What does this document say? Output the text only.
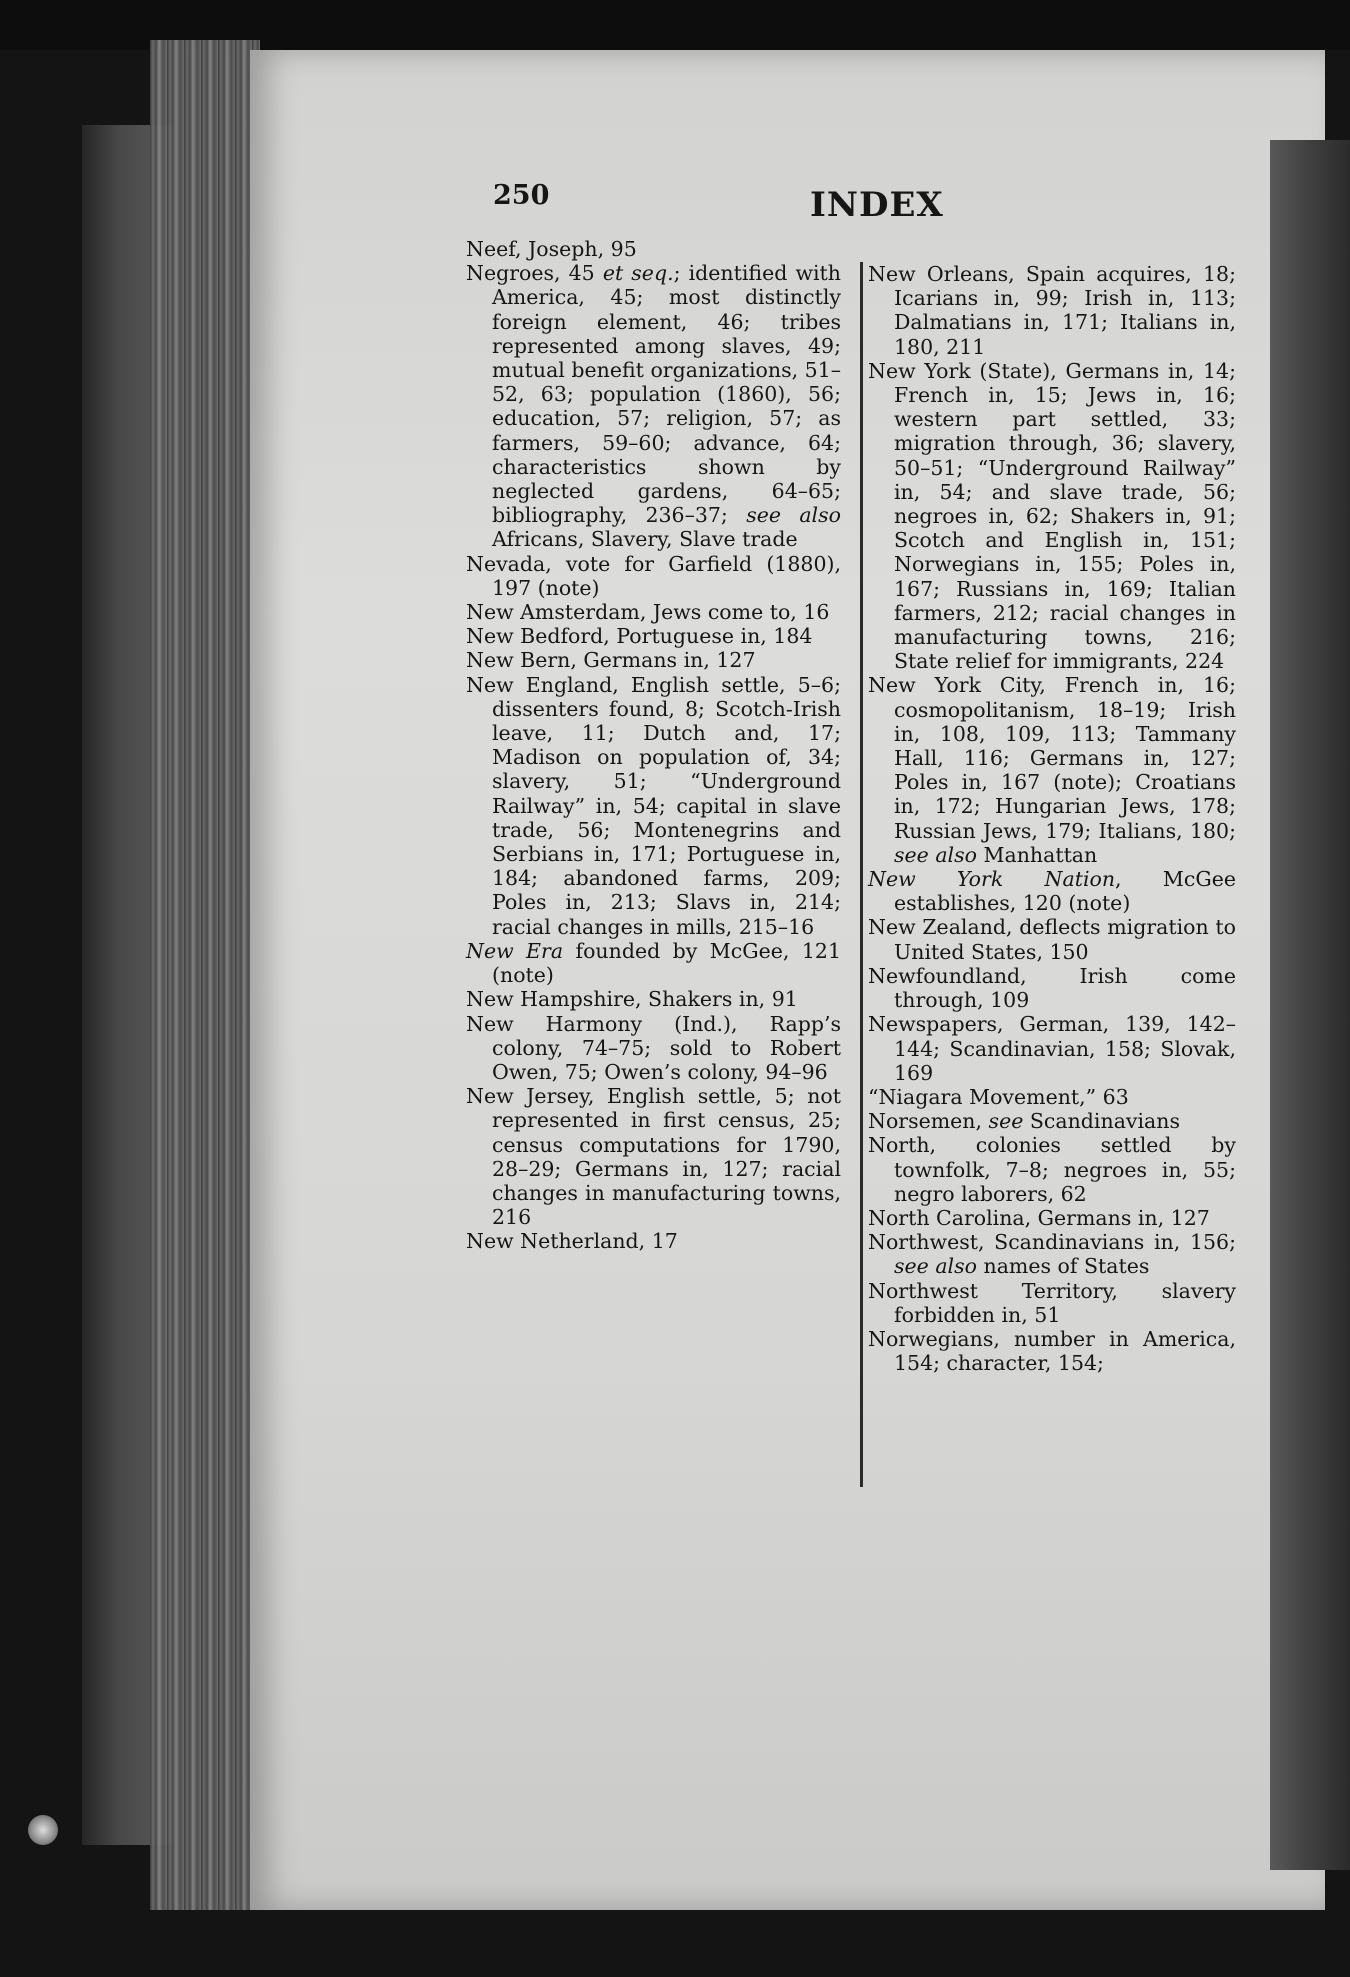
250	INDEX
Neef, Joseph, 95
Negroes, 45 et seq.; identified with America, 45; most distinctly foreign element, 46; tribes represented among slaves, 49; mutual benefit organizations, 51–52, 63; population (1860), 56; education, 57; religion, 57; as farmers, 59–60; advance, 64; characteristics shown by neglected gardens, 64–65; bibliography, 236–37; see also Africans, Slavery, Slave trade
Nevada, vote for Garfield (1880), 197 (note)
New Amsterdam, Jews come to, 16
New Bedford, Portuguese in, 184
New Bern, Germans in, 127
New England, English settle, 5–6; dissenters found, 8; Scotch-Irish leave, 11; Dutch and, 17; Madison on population of, 34; slavery, 51; “Underground Railway” in, 54; capital in slave trade, 56; Montenegrins and Serbians in, 171; Portuguese in, 184; abandoned farms, 209; Poles in, 213; Slavs in, 214; racial changes in mills, 215–16
New Era founded by McGee, 121 (note)
New Hampshire, Shakers in, 91
New Harmony (Ind.), Rapp’s colony, 74–75; sold to Robert Owen, 75; Owen’s colony, 94–96
New Jersey, English settle, 5; not represented in first census, 25; census computations for 1790, 28–29; Germans in, 127; racial changes in manufacturing towns, 216
New Netherland, 17
New Orleans, Spain acquires, 18; Icarians in, 99; Irish in, 113; Dalmatians in, 171; Italians in, 180, 211
New York (State), Germans in, 14; French in, 15; Jews in, 16; western part settled, 33; migration through, 36; slavery, 50–51; “Underground Railway” in, 54; and slave trade, 56; negroes in, 62; Shakers in, 91; Scotch and English in, 151; Norwegians in, 155; Poles in, 167; Russians in, 169; Italian farmers, 212; racial changes in manufacturing towns, 216; State relief for immigrants, 224
New York City, French in, 16; cosmopolitanism, 18–19; Irish in, 108, 109, 113; Tammany Hall, 116; Germans in, 127; Poles in, 167 (note); Croatians in, 172; Hungarian Jews, 178; Russian Jews, 179; Italians, 180; see also Manhattan
New York Nation, McGee establishes, 120 (note)
New Zealand, deflects migration to United States, 150
Newfoundland, Irish come through, 109
Newspapers, German, 139, 142–144; Scandinavian, 158; Slovak, 169
“Niagara Movement,” 63
Norsemen, see Scandinavians
North, colonies settled by townfolk, 7–8; negroes in, 55; negro laborers, 62
North Carolina, Germans in, 127
Northwest, Scandinavians in, 156; see also names of States
Northwest Territory, slavery forbidden in, 51
Norwegians, number in America, 154; character, 154;
